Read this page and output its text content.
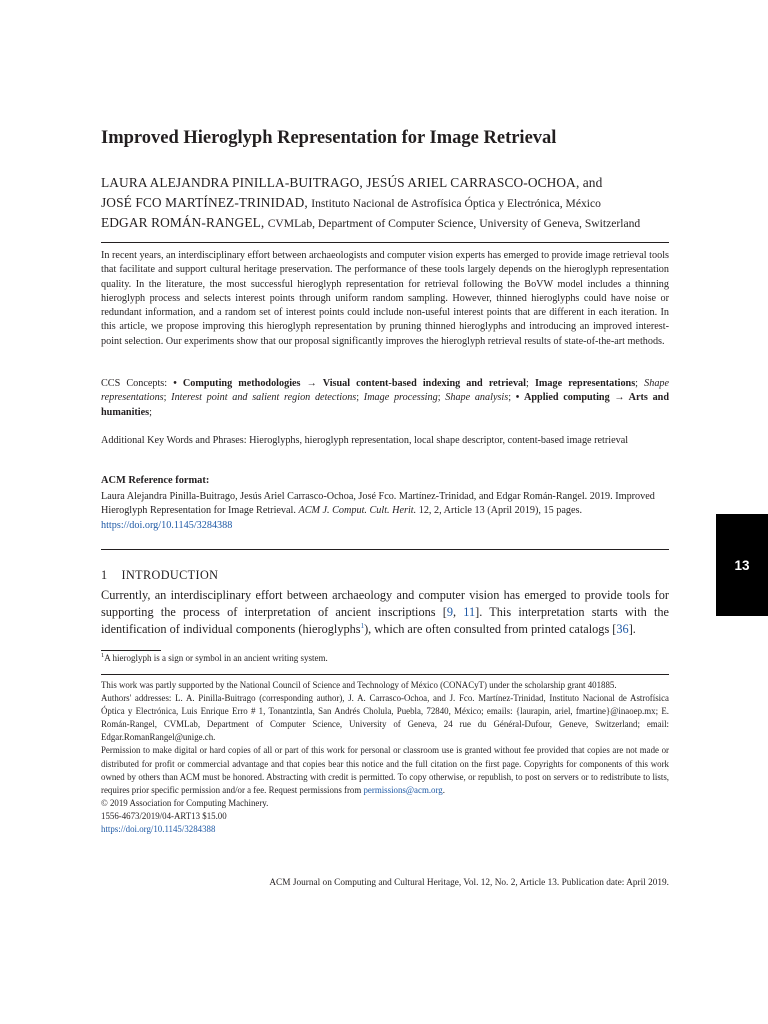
Improved Hieroglyph Representation for Image Retrieval
LAURA ALEJANDRA PINILLA-BUITRAGO, JESÚS ARIEL CARRASCO-OCHOA, and
JOSÉ FCO MARTÍNEZ-TRINIDAD, Instituto Nacional de Astrofísica Óptica y Electrónica, México
EDGAR ROMÁN-RANGEL, CVMLab, Department of Computer Science, University of Geneva, Switzerland
In recent years, an interdisciplinary effort between archaeologists and computer vision experts has emerged to provide image retrieval tools that facilitate and support cultural heritage preservation. The performance of these tools largely depends on the hieroglyph representation quality. In the literature, the most successful hieroglyph representation for retrieval following the BoVW model includes a thinning hieroglyph process and selects interest points through uniform random sampling. However, thinned hieroglyphs could have noise or redundant information, and a random set of interest points could include non-useful interest points that are different in each iteration. In this article, we propose improving this hieroglyph representation by pruning thinned hieroglyphs and introducing an improved interest-point selection. Our experiments show that our proposal significantly improves the hieroglyph retrieval results of state-of-the-art methods.
CCS Concepts: • Computing methodologies → Visual content-based indexing and retrieval; Image representations; Shape representations; Interest point and salient region detections; Image processing; Shape analysis; • Applied computing → Arts and humanities;
Additional Key Words and Phrases: Hieroglyphs, hieroglyph representation, local shape descriptor, content-based image retrieval
ACM Reference format:
Laura Alejandra Pinilla-Buitrago, Jesús Ariel Carrasco-Ochoa, José Fco. Martínez-Trinidad, and Edgar Román-Rangel. 2019. Improved Hieroglyph Representation for Image Retrieval. ACM J. Comput. Cult. Herit. 12, 2, Article 13 (April 2019), 15 pages.
https://doi.org/10.1145/3284388
1 INTRODUCTION
Currently, an interdisciplinary effort between archaeology and computer vision has emerged to provide tools for supporting the process of interpretation of ancient inscriptions [9, 11]. This interpretation starts with the identification of individual components (hieroglyphs$^1$), which are often consulted from printed catalogs [36].
$^1$A hieroglyph is a sign or symbol in an ancient writing system.

This work was partly supported by the National Council of Science and Technology of México (CONACyT) under the scholarship grant 401885.

Authors' addresses: L. A. Pinilla-Buitrago (corresponding author), J. A. Carrasco-Ochoa, and J. Fco. Martínez-Trinidad, Instituto Nacional de Astrofísica Óptica y Electrónica, Luis Enrique Erro # 1, Tonantzintla, San Andrés Cholula, Puebla, 72840, México; emails: {laurapin, ariel, fmartine}@inaoep.mx; E. Román-Rangel, CVMLab, Department of Computer Science, University of Geneva, 24 rue du Général-Dufour, Geneve, Switzerland; email: Edgar.RomanRangel@unige.ch.

Permission to make digital or hard copies of all or part of this work for personal or classroom use is granted without fee provided that copies are not made or distributed for profit or commercial advantage and that copies bear this notice and the full citation on the first page. Copyrights for components of this work owned by others than ACM must be honored. Abstracting with credit is permitted. To copy otherwise, or republish, to post on servers or to redistribute to lists, requires prior specific permission and/or a fee. Request permissions from permissions@acm.org.

© 2019 Association for Computing Machinery.

1556-4673/2019/04-ART13 $15.00

https://doi.org/10.1145/3284388

ACM Journal on Computing and Cultural Heritage, Vol. 12, No. 2, Article 13. Publication date: April 2019.
13
